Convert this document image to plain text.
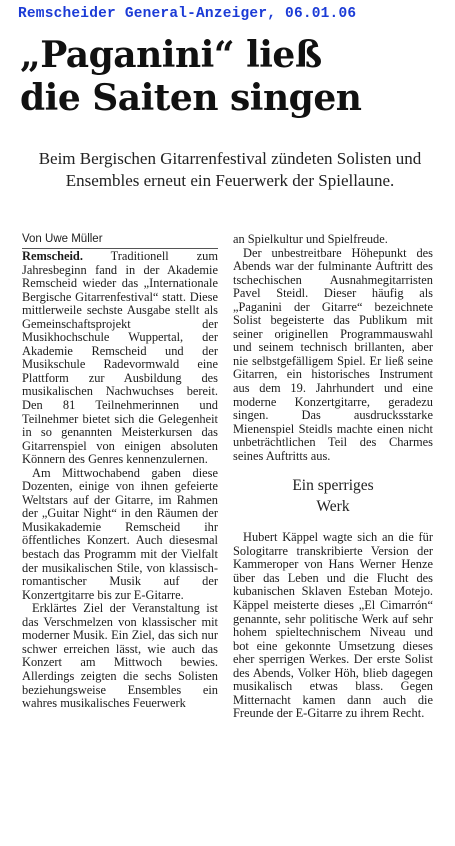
Remscheider General-Anzeiger, 06.01.06
„Paganini“ ließ
die Saiten singen
Beim Bergischen Gitarrenfestival zündeten Solisten und Ensembles erneut ein Feuerwerk der Spiellaune.
Von Uwe Müller

Remscheid. Traditionell zum Jahresbeginn fand in der Akademie Remscheid wieder das „Internationale Bergische Gitarrenfestival“ statt. Diese mittlerweile sechste Ausgabe stellt als Gemeinschaftsprojekt der Musikhochschule Wuppertal, der Akademie Remscheid und der Musikschule Radevormwald eine Plattform zur Ausbildung des musikalischen Nachwuchses bereit. Den 81 Teilnehmerinnen und Teilnehmer bietet sich die Gelegenheit in so genannten Meisterkursen das Gitarrenspiel von einigen absoluten Könnern des Genres kennenzulernen.

Am Mittwochabend gaben diese Dozenten, einige von ihnen gefeierte Weltstars auf der Gitarre, im Rahmen der „Guitar Night“ in den Räumen der Musikakademie Remscheid ihr öffentliches Konzert. Auch diesesmal bestach das Programm mit der Vielfalt der musikalischen Stile, von klassisch-romantischer Musik auf der Konzertgitarre bis zur E-Gitarre.

Erklärtes Ziel der Veranstaltung ist das Verschmelzen von klassischer mit moderner Musik. Ein Ziel, das sich nur schwer erreichen lässt, wie auch das Konzert am Mittwoch bewies. Allerdings zeigten die sechs Solisten beziehungsweise Ensembles ein wahres musikalisches Feuerwerk

an Spielkultur und Spielfreude.

Der unbestreitbare Höhepunkt des Abends war der fulminante Auftritt des tschechischen Ausnahmegitarristen Pavel Steidl. Dieser häufig als „Paganini der Gitarre“ bezeichnete Solist begeisterte das Publikum mit seiner originellen Programmauswahl und seinem technisch brillanten, aber nie selbstgefälligem Spiel. Er ließ seine Gitarren, ein historisches Instrument aus dem 19. Jahrhundert und eine moderne Konzertgitarre, geradezu singen. Das ausdrucksstarke Mienenspiel Steidls machte einen nicht unbeträchtlichen Teil des Charmes seines Auftritts aus.

Ein sperriges
Werk

Hubert Käppel wagte sich an die für Sologitarre transkribierte Version der Kammeroper von Hans Werner Henze über das Leben und die Flucht des kubanischen Sklaven Esteban Motejo. Käppel meisterte dieses „El Cimarrón“ genannte, sehr politische Werk auf sehr hohem spieltechnischem Niveau und bot eine gekonnte Umsetzung dieses eher sperrigen Werkes. Der erste Solist des Abends, Volker Höh, blieb dagegen musikalisch etwas blass. Gegen Mitternacht kamen dann auch die Freunde der E-Gitarre zu ihrem Recht.
